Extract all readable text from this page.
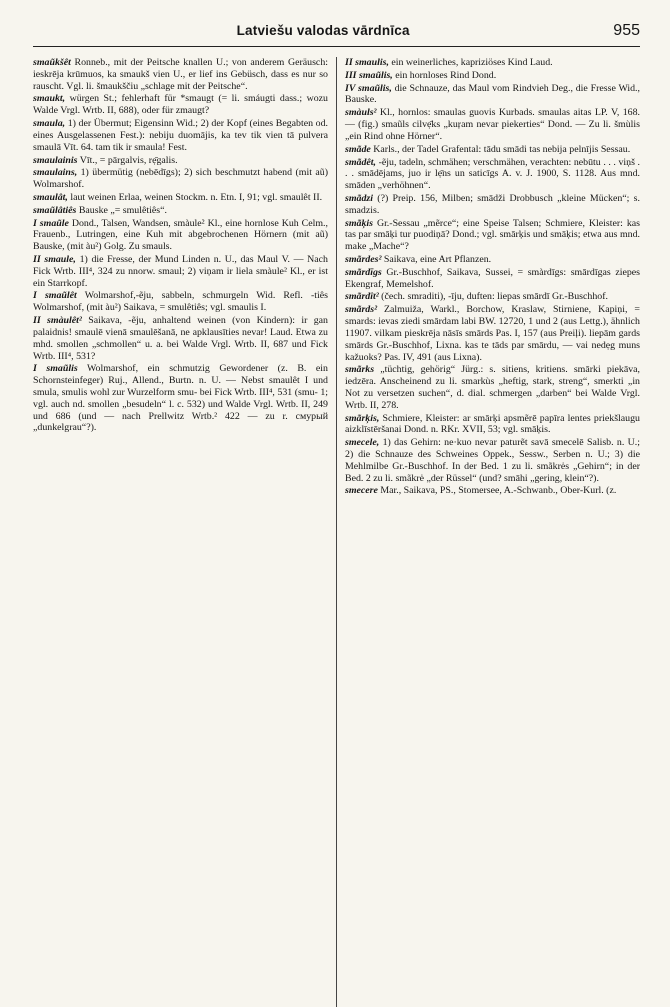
Latviešu valodas vārdnīca	955

smaũkšêt Ronneb., mit der Peitsche knallen U.; von anderem Geräusch: ieskrēja krūmuos, ka smaukš vien U., er lief ins Gebüsch, dass es nur so rauscht. Vgl. li. šmaukščiu „schlage mit der Peitsche“.

smaukt, würgen St.; fehlerhaft für *smaugt (= li. smáugti dass.; wozu Walde Vrgl. Wrtb. II, 688), oder für zmaugt?

smaula, 1) der Übermut; Eigensinn Wid.; 2) der Kopf (eines Begabten od. eines Ausgelassenen Fest.): nebiju duomājis, ka tev tik vien tā pulvera smaulā Vīt. 64. tam tik ir smaula! Fest.

smaulainis Vīt., = pārgalvis, rẹ̄galis.

smaulains, 1) übermütig (nebēdīgs); 2) sich beschmutzt habend (mit aũ) Wolmarshof.

smaulât, laut weinen Erlaa, weinen Stockm. n. Etn. I, 91; vgl. smaulêt II.

smaũlâtiês Bauske „= smulêtiês“.

I smaũle Dond., Talsen, Wandsen, smàule² Kl., eine hornlose Kuh Celm., Frauenb., Lutringen, eine Kuh mit abgebrochenen Hörnern (mit aũ) Bauske, (mit àu²) Golg. Zu smauls.

II smaule, 1) die Fresse, der Mund Linden n. U., das Maul V. — Nach Fick Wrtb. III⁴, 324 zu nnorw. smaul; 2) viņam ir liela smàule² Kl., er ist ein Starrkopf.

I smaũlêt Wolmarshof,-ẽju, sabbeln, schmurgeln Wid. Refl. -tiês Wolmarshof, (mit àu²) Saikava, = smulêtiês; vgl. smaulis I.

II smàulêt² Saikava, -ẽju, anhaltend weinen (von Kindern): ir gan palaidnis! smaulē vienā smaulēšanā, ne apklausīties nevar! Laud. Etwa zu mhd. smollen „schmollen“ u. a. bei Walde Vrgl. Wrtb. II, 687 und Fick Wrtb. III⁴, 531?

I smaũlis Wolmarshof, ein schmutzig Gewordener (z. B. ein Schornsteinfeger) Ruj., Allend., Burtn. n. U. — Nebst smaulêt I und smula, smulis wohl zur Wurzelform smu- bei Fick Wrtb. III⁴, 531 (smu- 1; vgl. auch nd. smollen „besudeln“ l. c. 532) und Walde Vrgl. Wrtb. II, 249 und 686 (und — nach Prellwitz Wrtb.² 422 — zu r. смурый „dunkelgrau“?).

II smaulis, ein weinerliches, kapriziöses Kind Laud.

III smaũlis, ein hornloses Rind Dond.

IV smaũlis, die Schnauze, das Maul vom Rindvieh Deg., die Fresse Wid., Bauske.

smàuls² Kl., hornlos: smaulas guovis Kurbads. smaulas aitas LP. V, 168. — (fig.) smaũls cilvẹ̄ks „kuŗam nevar piekerties“ Dond. — Zu li. šmùlis „ein Rind ohne Hörner“.

smãde Karls., der Tadel Grafental: tādu smādi tas nebija pelnījis Sessau.

smãdêt, -ẽju, tadeln, schmähen; verschmähen, verachten: nebūtu . . . viņš . . . smādējams, juo ir lẹ̄ns un saticīgs A. v. J. 1900, S. 1128. Aus mnd. smāden „verhöhnen“.

smãdzi (?) Preip. 156, Milben; smādži Drobbusch „kleine Mücken“; s. smadzis.

smãķis Gr.-Sessau „mẽrce“; eine Speise Talsen; Schmiere, Kleister: kas tas par smāķi tur puodiņā? Dond.; vgl. smārķis und smāķis; etwa aus mnd. make „Mache“?

smãrdes² Saikava, eine Art Pflanzen.

smãrdīgs Gr.-Buschhof, Saikava, Sussei, = smàrdīgs: smārdīgas ziepes Ekengraf, Memelshof.

smãrdît² (čech. smraditi), -īju, duften: liepas smārdī Gr.-Buschhof.

smãrds² Zalmuiža, Warkl., Borchow, Kraslaw, Stirniene, Kapiņi, = smards: ievas ziedi smārdam labi BW. 12720, 1 und 2 (aus Lettg.), ähnlich 11907. vilkam pieskrēja nāsīs smārds Pas. I, 157 (aus Preiļi). liepām gards smārds Gr.-Buschhof, Lixna. kas te tāds par smārdu, — vai nedẹg muns kažuoks? Pas. IV, 491 (aus Lixna).

smãrks „tüchtig, gehörig“ Jürg.: s. sitiens, kritiens. smārki piekāva, iedzēra. Anscheinend zu li. smarkùs „heftig, stark, streng“, smerkti „in Not zu versetzen suchen“, d. dial. schmergen „darben“ bei Walde Vrgl. Wrtb. II, 278.

smãrķis, Schmiere, Kleister: ar smārķi apsmẽrē papīra lentes priekšlaugu aizklīstēršanai Dond. n. RKr. XVII, 53; vgl. smāķis.

smecele, 1) das Gehirn: ne·kuo nevar paturẽt savā smecelē Salisb. n. U.; 2) die Schnauze des Schweines Oppek., Sessw., Serben n. U.; 3) die Mehlmilbe Gr.-Buschhof. In der Bed. 1 zu li. smãkrės „Gehirn“; in der Bed. 2 zu li. smãkrė „der Rüssel“ (und? smāhi „gering, klein“?).

smecere Mar., Saikava, PS., Stomersee, A.-Schwanb., Ober-Kurl. (z.
